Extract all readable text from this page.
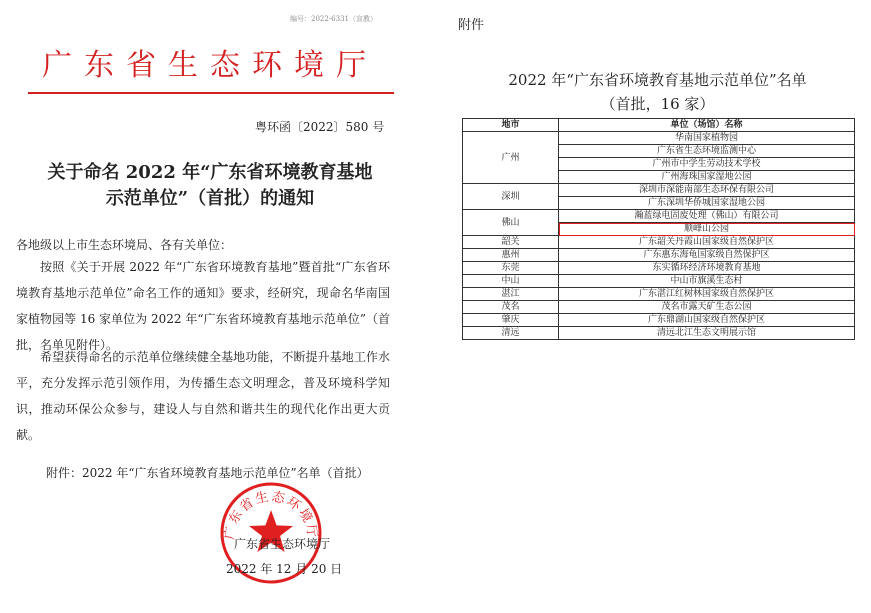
编号：2022-6331（宣教）
广东省生态环境厅
粤环函〔2022〕580 号
关于命名 2022 年“广东省环境教育基地
示范单位”（首批）的通知
各地级以上市生态环境局、各有关单位：

按照《关于开展 2022 年“广东省环境教育基地”暨首批“广东省环境教育基地示范单位”命名工作的通知》要求，经研究，现命名华南国家植物园等 16 家单位为 2022 年“广东省环境教育基地示范单位”（首批，名单见附件）。

希望获得命名的示范单位继续健全基地功能，不断提升基地工作水平，充分发挥示范引领作用，为传播生态文明理念，普及环境科学知识，推动环保公众参与，建设人与自然和谐共生的现代化作出更大贡献。

附件：2022 年“广东省环境教育基地示范单位”名单（首批）
广东省生态环境厅
广东省生态环境厅
2022 年 12 月 20 日
附件
2022 年“广东省环境教育基地示范单位”名单
（首批，16 家）
地市	单位（场馆）名称
广州	华南国家植物园
	广东省生态环境监测中心
	广州市中学生劳动技术学校
	广州海珠国家湿地公园
深圳	深圳市深能南部生态环保有限公司
	广东深圳华侨城国家湿地公园
佛山	瀚蓝绿电固废处理（佛山）有限公司
	顺峰山公园
韶关	广东韶关丹霞山国家级自然保护区
惠州	广东惠东海龟国家级自然保护区
东莞	东实循环经济环境教育基地
中山	中山市旗溪生态村
湛江	广东湛江红树林国家级自然保护区
茂名	茂名市露天矿生态公园
肇庆	广东鼎湖山国家级自然保护区
清远	清远北江生态文明展示馆
